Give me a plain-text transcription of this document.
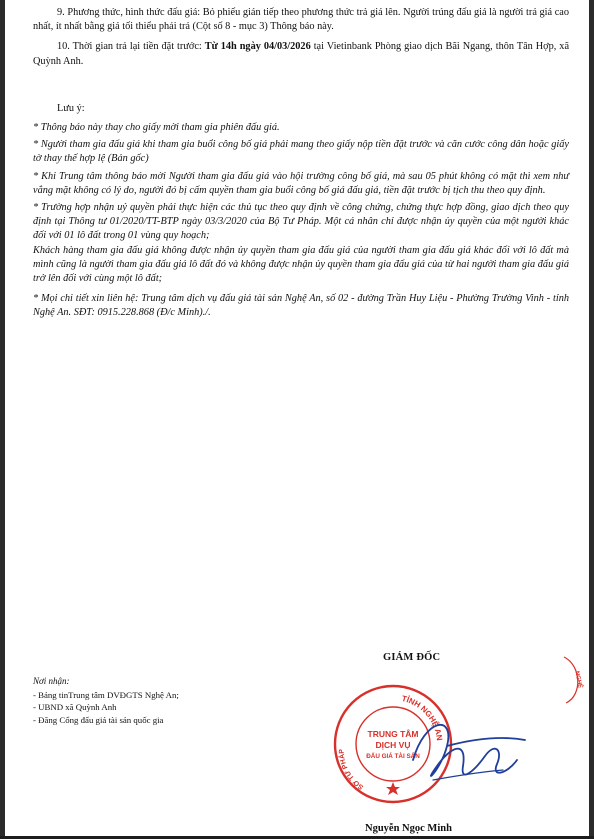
9. Phương thức, hình thức đấu giá: Bỏ phiếu gián tiếp theo phương thức trả giá lên. Người trúng đấu giá là người trả giá cao nhất, ít nhất bằng giá tối thiểu phải trả (Cột số 8 - mục 3) Thông báo này.

10. Thời gian trả lại tiền đặt trước: Từ 14h ngày 04/03/2026 tại Vietinbank Phòng giao dịch Bãi Ngang, thôn Tân Hợp, xã Quỳnh Anh.

Lưu ý:

* Thông báo này thay cho giấy mời tham gia phiên đấu giá.

* Người tham gia đấu giá khi tham gia buổi công bố giá phải mang theo giấy nộp tiền đặt trước và căn cước công dân hoặc giấy tờ thay thế hợp lệ (Bản gốc)

* Khi Trung tâm thông báo mời Người tham gia đấu giá vào hội trường công bố giá, mà sau 05 phút không có mặt thì xem như vắng mặt không có lý do, người đó bị cấm quyền tham gia buổi công bố giá đấu giá, tiền đặt trước bị tịch thu theo quy định.

* Trường hợp nhận uỷ quyền phải thực hiện các thủ tục theo quy định về công chứng, chứng thực hợp đồng, giao dịch theo quy định tại Thông tư 01/2020/TT-BTP ngày 03/3/2020 của Bộ Tư Pháp. Một cá nhân chỉ được nhận ủy quyền của một người khác đối với 01 lô đất trong 01 vùng quy hoạch;

Khách hàng tham gia đấu giá không được nhận ủy quyền tham gia đấu giá của người tham gia đấu giá khác đối với lô đất mà mình cũng là người tham gia đấu giá lô đất đó và không được nhận ủy quyền tham gia đấu giá của từ hai người tham gia đấu giá trở lên đối với cùng một lô đất;

* Mọi chi tiết xin liên hệ: Trung tâm dịch vụ đấu giá tài sản Nghệ An, số 02 - đường Trần Huy Liệu - Phường Trường Vinh - tỉnh Nghệ An. SĐT: 0915.228.868 (Đ/c Minh)./.

GIÁM ĐỐC
Nơi nhận:
- Bảng tinTrung tâm DVĐGTS Nghệ An;
- UBND xã Quỳnh Anh
- Đăng Cổng đấu giá tài sản quốc gia
TỈNH NGHỆ AN
SỞ TƯ PHÁP
TRUNG TÂM
DỊCH VỤ
ĐẤU GIÁ TÀI SẢN
NGHỆ
Nguyễn Ngọc Minh
